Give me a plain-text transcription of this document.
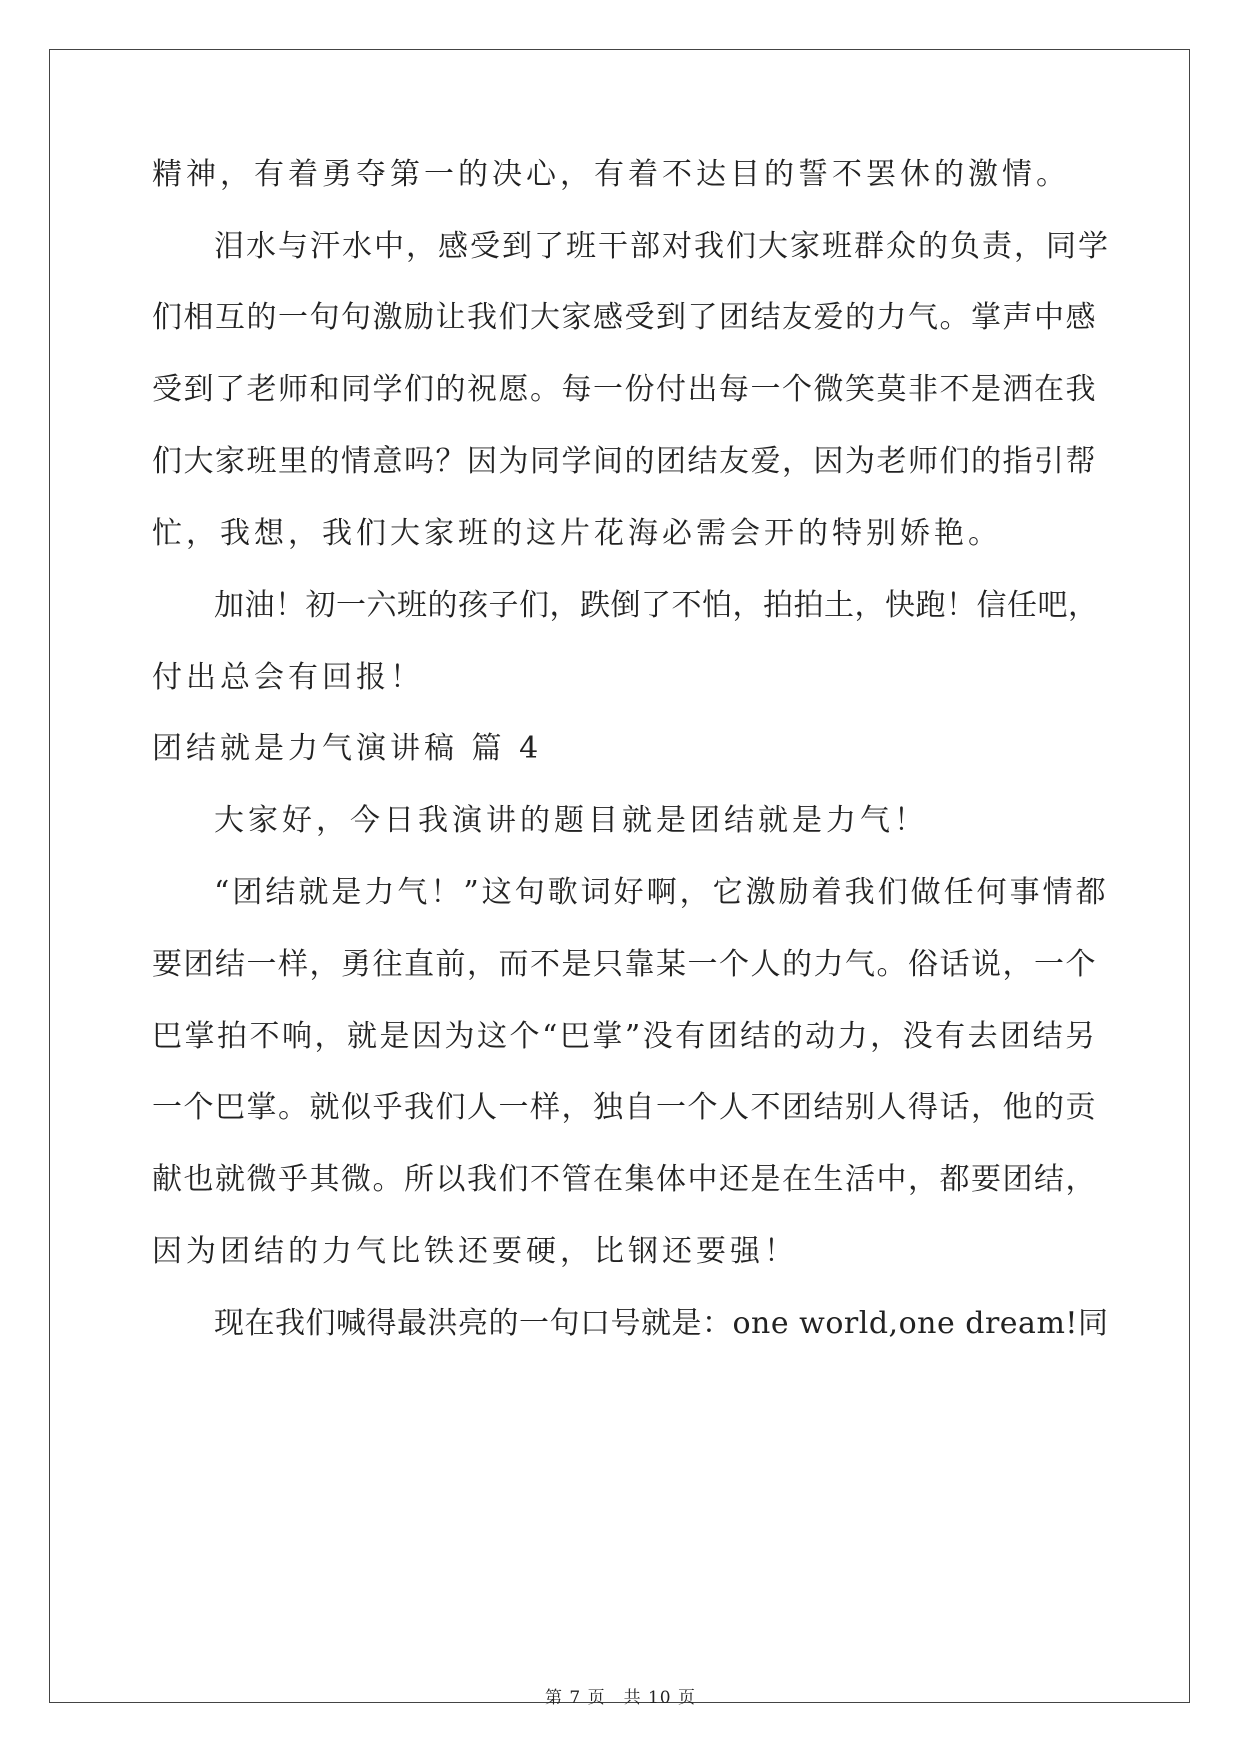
精神，有着勇夺第一的决心，有着不达目的誓不罢休的激情。
泪水与汗水中，感受到了班干部对我们大家班群众的负责，同学
们相互的一句句激励让我们大家感受到了团结友爱的力气。掌声中感
受到了老师和同学们的祝愿。每一份付出每一个微笑莫非不是洒在我
们大家班里的情意吗？因为同学间的团结友爱，因为老师们的指引帮
忙，我想，我们大家班的这片花海必需会开的特别娇艳。
加油！初一六班的孩子们，跌倒了不怕，拍拍土，快跑！信任吧，
付出总会有回报！
团结就是力气演讲稿 篇 4
大家好，今日我演讲的题目就是团结就是力气！
“团结就是力气！”这句歌词好啊，它激励着我们做任何事情都
要团结一样，勇往直前，而不是只靠某一个人的力气。俗话说，一个
巴掌拍不响，就是因为这个“巴掌”没有团结的动力，没有去团结另
一个巴掌。就似乎我们人一样，独自一个人不团结别人得话，他的贡
献也就微乎其微。所以我们不管在集体中还是在生活中，都要团结，
因为团结的力气比铁还要硬，比钢还要强！
现在我们喊得最洪亮的一句口号就是：one world,one dream!同
第 7 页　共 10 页
